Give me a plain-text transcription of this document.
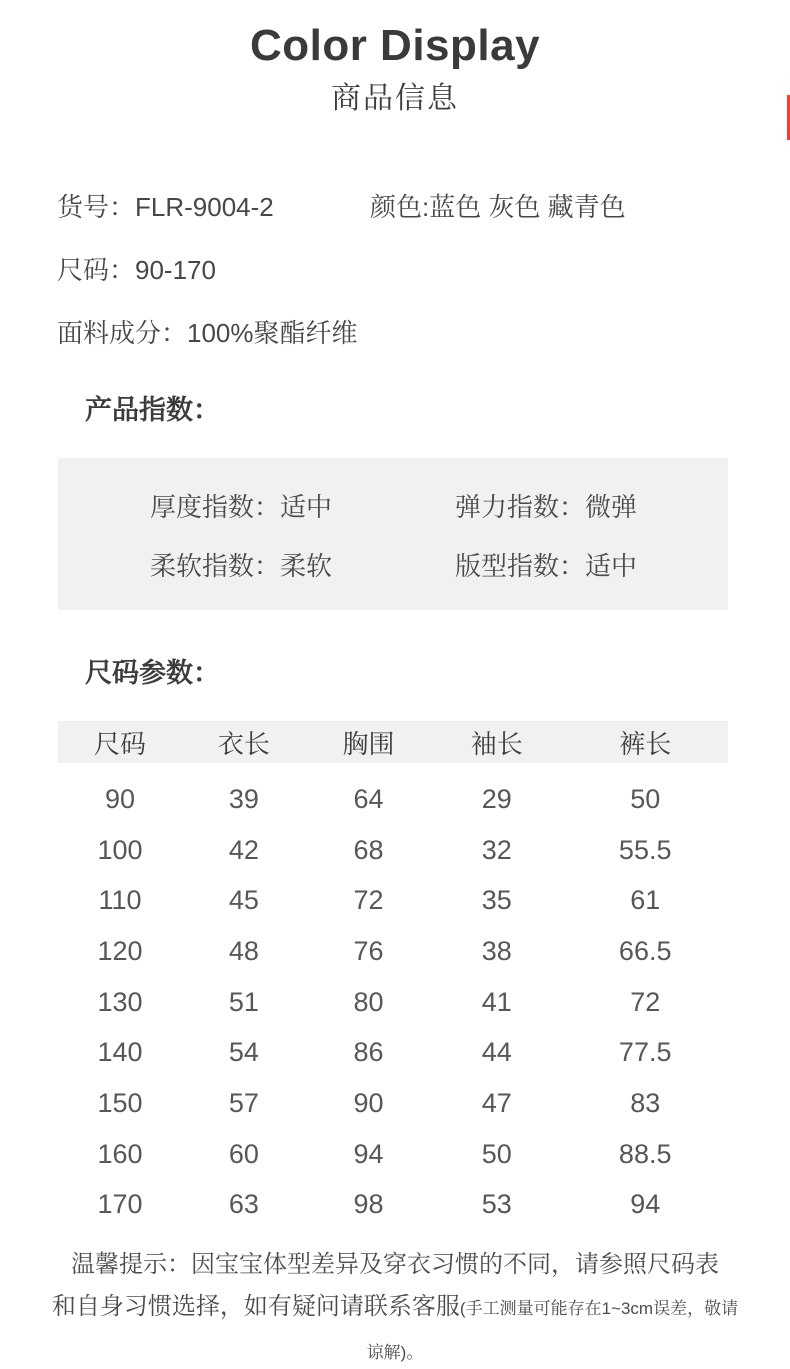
Color Display
商品信息
货号：FLR-9004-2	颜色:蓝色 灰色 藏青色
尺码：90-170
面料成分：100%聚酯纤维
产品指数：
厚度指数：适中	弹力指数：微弹
柔软指数：柔软	版型指数：适中
尺码参数：
尺码	衣长	胸围	袖长	裤长
90	39	64	29	50
100	42	68	32	55.5
110	45	72	35	61
120	48	76	38	66.5
130	51	80	41	72
140	54	86	44	77.5
150	57	90	47	83
160	60	94	50	88.5
170	63	98	53	94
温馨提示：因宝宝体型差异及穿衣习惯的不同，请参照尺码表
和自身习惯选择，如有疑问请联系客服(手工测量可能存在1~3cm误差，敬请谅解)。
